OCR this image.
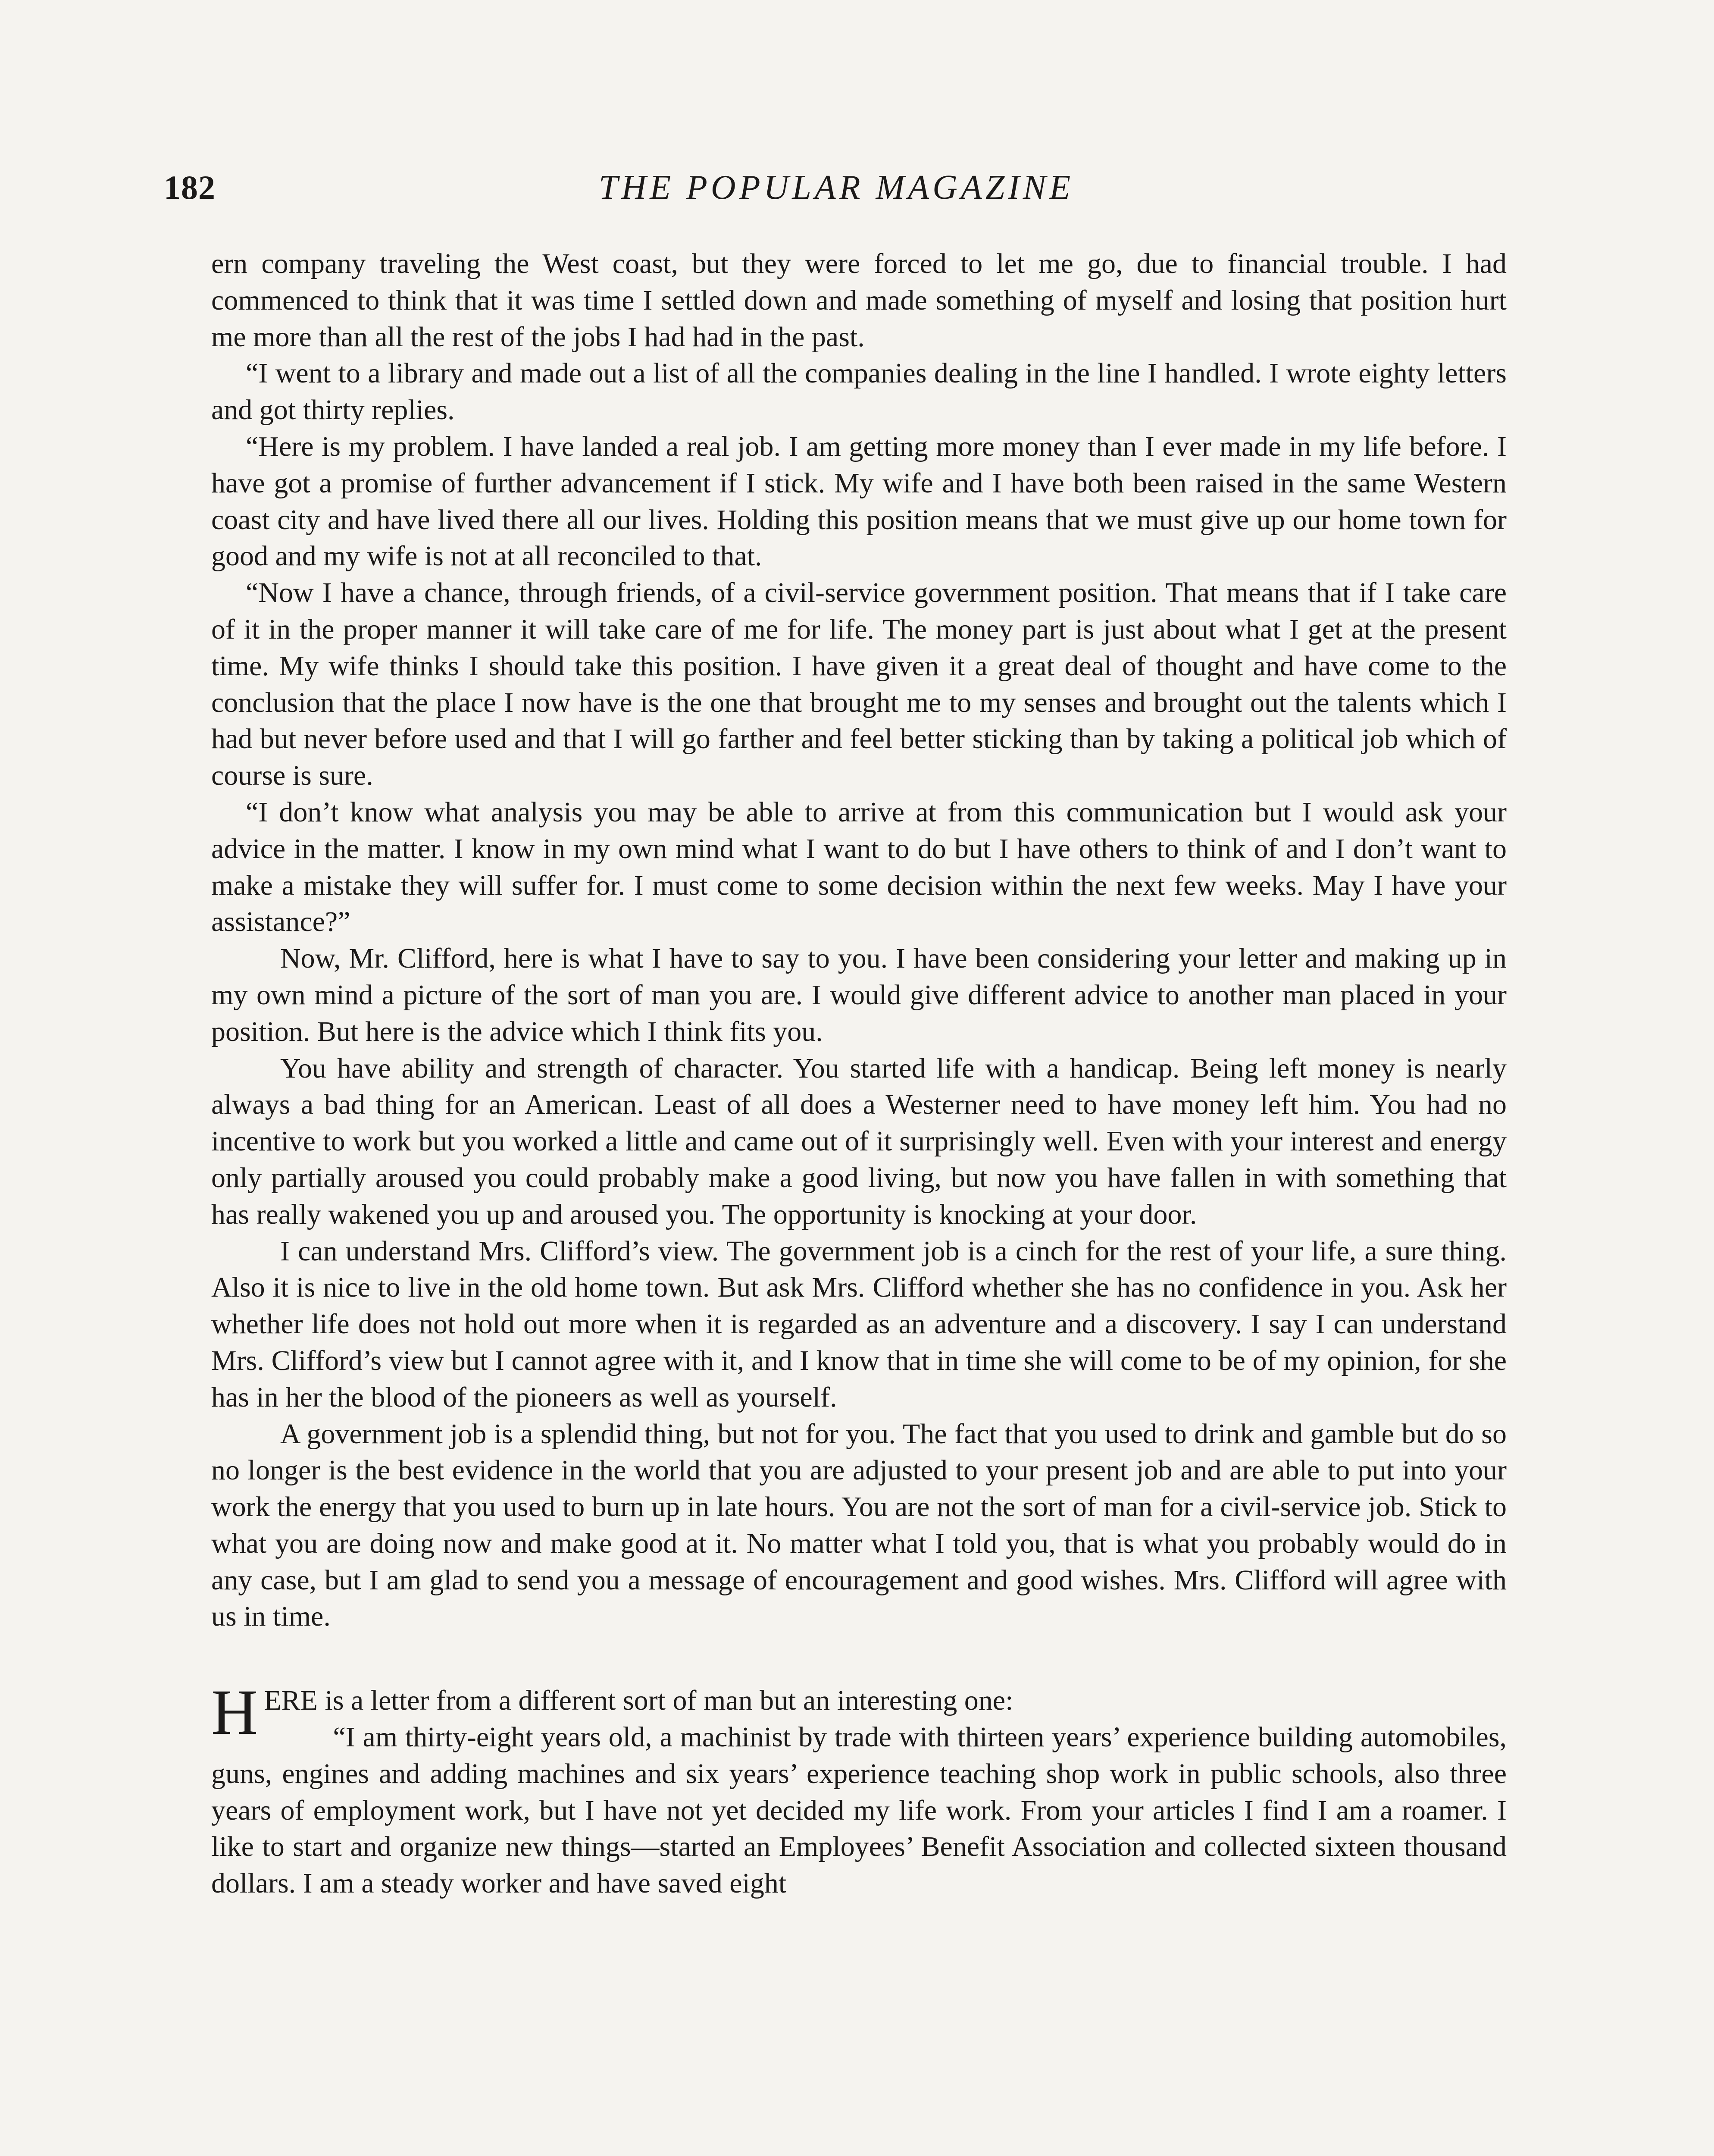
182	THE POPULAR MAGAZINE

ern company traveling the West coast, but they were forced to let me go, due to financial trouble. I had commenced to think that it was time I settled down and made something of myself and losing that position hurt me more than all the rest of the jobs I had had in the past.

“I went to a library and made out a list of all the companies dealing in the line I handled. I wrote eighty letters and got thirty replies.

“Here is my problem. I have landed a real job. I am getting more money than I ever made in my life before. I have got a promise of further advancement if I stick. My wife and I have both been raised in the same Western coast city and have lived there all our lives. Holding this position means that we must give up our home town for good and my wife is not at all reconciled to that.

“Now I have a chance, through friends, of a civil-service government position. That means that if I take care of it in the proper manner it will take care of me for life. The money part is just about what I get at the present time. My wife thinks I should take this position. I have given it a great deal of thought and have come to the conclusion that the place I now have is the one that brought me to my senses and brought out the talents which I had but never before used and that I will go farther and feel better sticking than by taking a political job which of course is sure.

“I don’t know what analysis you may be able to arrive at from this communication but I would ask your advice in the matter. I know in my own mind what I want to do but I have others to think of and I don’t want to make a mistake they will suffer for. I must come to some decision within the next few weeks. May I have your assistance?”

Now, Mr. Clifford, here is what I have to say to you. I have been considering your letter and making up in my own mind a picture of the sort of man you are. I would give different advice to another man placed in your position. But here is the advice which I think fits you.

You have ability and strength of character. You started life with a handicap. Being left money is nearly always a bad thing for an American. Least of all does a Westerner need to have money left him. You had no incentive to work but you worked a little and came out of it surprisingly well. Even with your interest and energy only partially aroused you could probably make a good living, but now you have fallen in with something that has really wakened you up and aroused you. The opportunity is knocking at your door.

I can understand Mrs. Clifford’s view. The government job is a cinch for the rest of your life, a sure thing. Also it is nice to live in the old home town. But ask Mrs. Clifford whether she has no confidence in you. Ask her whether life does not hold out more when it is regarded as an adventure and a discovery. I say I can understand Mrs. Clifford’s view but I cannot agree with it, and I know that in time she will come to be of my opinion, for she has in her the blood of the pioneers as well as yourself.

A government job is a splendid thing, but not for you. The fact that you used to drink and gamble but do so no longer is the best evidence in the world that you are adjusted to your present job and are able to put into your work the energy that you used to burn up in late hours. You are not the sort of man for a civil-service job. Stick to what you are doing now and make good at it. No matter what I told you, that is what you probably would do in any case, but I am glad to send you a message of encouragement and good wishes. Mrs. Clifford will agree with us in time.

HERE is a letter from a different sort of man but an interesting one:

“I am thirty-eight years old, a machinist by trade with thirteen years’ experience building automobiles, guns, engines and adding machines and six years’ experience teaching shop work in public schools, also three years of employment work, but I have not yet decided my life work. From your articles I find I am a roamer. I like to start and organize new things—started an Employees’ Benefit Association and collected sixteen thousand dollars. I am a steady worker and have saved eight
